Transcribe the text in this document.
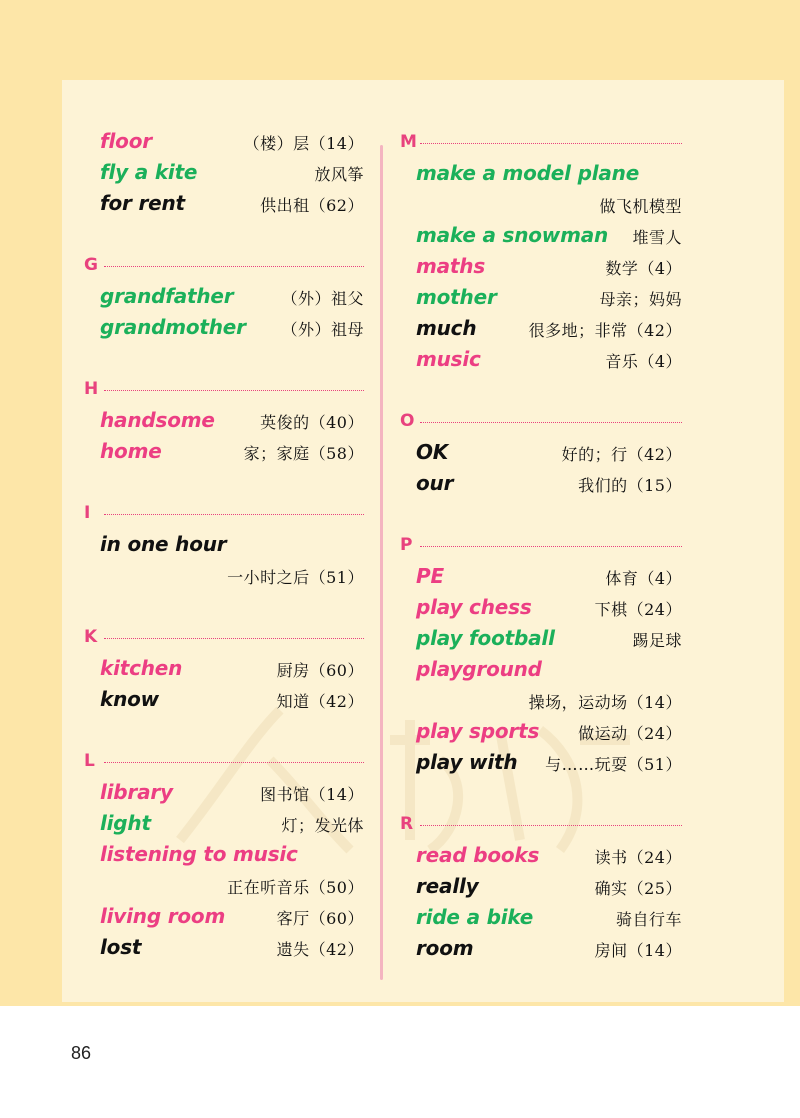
floor	（楼）层（14）
fly a kite	放风筝
for rent	供出租（62）
G
grandfather	（外）祖父
grandmother （外）祖母
H
handsome	英俊的（40）
home	家；家庭（58）
I
in one hour
一小时之后（51）
K
kitchen	厨房（60）
know	知道（42）
L
library	图书馆（14）
light	灯；发光体
listening to music
正在听音乐（50）
living room	客厅（60）
lost	遗失（42）
M
make a model plane
做飞机模型
make a snowman 堆雪人
maths	数学（4）
mother	母亲；妈妈
much	很多地；非常（42）
music	音乐（4）
O
OK	好的；行（42）
our	我们的（15）
P
PE	体育（4）
play chess	下棋（24）
play football	踢足球
playground
操场，运动场（14）
play sports 做运动（24）
play with 与……玩耍（51）
R
read books	读书（24）
really	确实（25）
ride a bike	骑自行车
room	房间（14）
86
